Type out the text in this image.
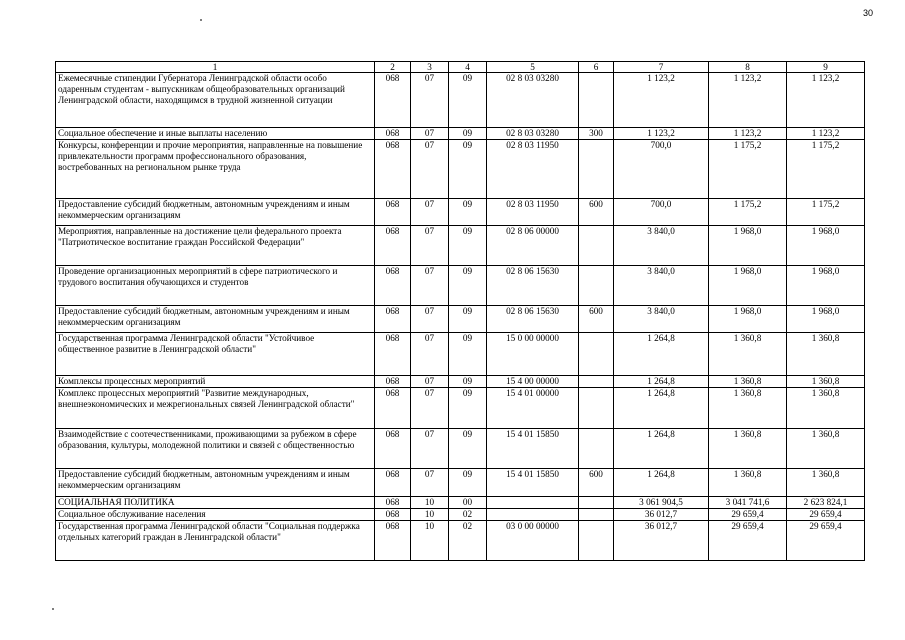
30
1	2	3	4	5	6	7	8	9
Ежемесячные стипендии Губернатора Ленинградской области особо одаренным студентам - выпускникам общеобразовательных организаций Ленинградской области, находящимся в трудной жизненной ситуации	068	07	09	02 8 03 03280		1 123,2	1 123,2	1 123,2
Социальное обеспечение и иные выплаты населению	068	07	09	02 8 03 03280	300	1 123,2	1 123,2	1 123,2
Конкурсы, конференции и прочие мероприятия, направленные на повышение привлекательности программ профессионального образования, востребованных на региональном рынке труда	068	07	09	02 8 03 11950		700,0	1 175,2	1 175,2
Предоставление субсидий бюджетным, автономным учреждениям и иным некоммерческим организациям	068	07	09	02 8 03 11950	600	700,0	1 175,2	1 175,2
Мероприятия, направленные на достижение цели федерального проекта "Патриотическое воспитание граждан Российской Федерации"	068	07	09	02 8 06 00000		3 840,0	1 968,0	1 968,0
Проведение организационных мероприятий в сфере патриотического и трудового воспитания обучающихся и студентов	068	07	09	02 8 06 15630		3 840,0	1 968,0	1 968,0
Предоставление субсидий бюджетным, автономным учреждениям и иным некоммерческим организациям	068	07	09	02 8 06 15630	600	3 840,0	1 968,0	1 968,0
Государственная программа Ленинградской области "Устойчивое общественное развитие в Ленинградской области"	068	07	09	15 0 00 00000		1 264,8	1 360,8	1 360,8
Комплексы процессных мероприятий	068	07	09	15 4 00 00000		1 264,8	1 360,8	1 360,8
Комплекс процессных мероприятий "Развитие международных, внешнеэкономических и межрегиональных связей Ленинградской области"	068	07	09	15 4 01 00000		1 264,8	1 360,8	1 360,8
Взаимодействие с соотечественниками, проживающими за рубежом в сфере образования, культуры, молодежной политики и связей с общественностью	068	07	09	15 4 01 15850		1 264,8	1 360,8	1 360,8
Предоставление субсидий бюджетным, автономным учреждениям и иным некоммерческим организациям	068	07	09	15 4 01 15850	600	1 264,8	1 360,8	1 360,8
СОЦИАЛЬНАЯ ПОЛИТИКА	068	10	00			3 061 904,5	3 041 741,6	2 623 824,1
Социальное обслуживание населения	068	10	02			36 012,7	29 659,4	29 659,4
Государственная программа Ленинградской области "Социальная поддержка отдельных категорий граждан в Ленинградской области"	068	10	02	03 0 00 00000		36 012,7	29 659,4	29 659,4
